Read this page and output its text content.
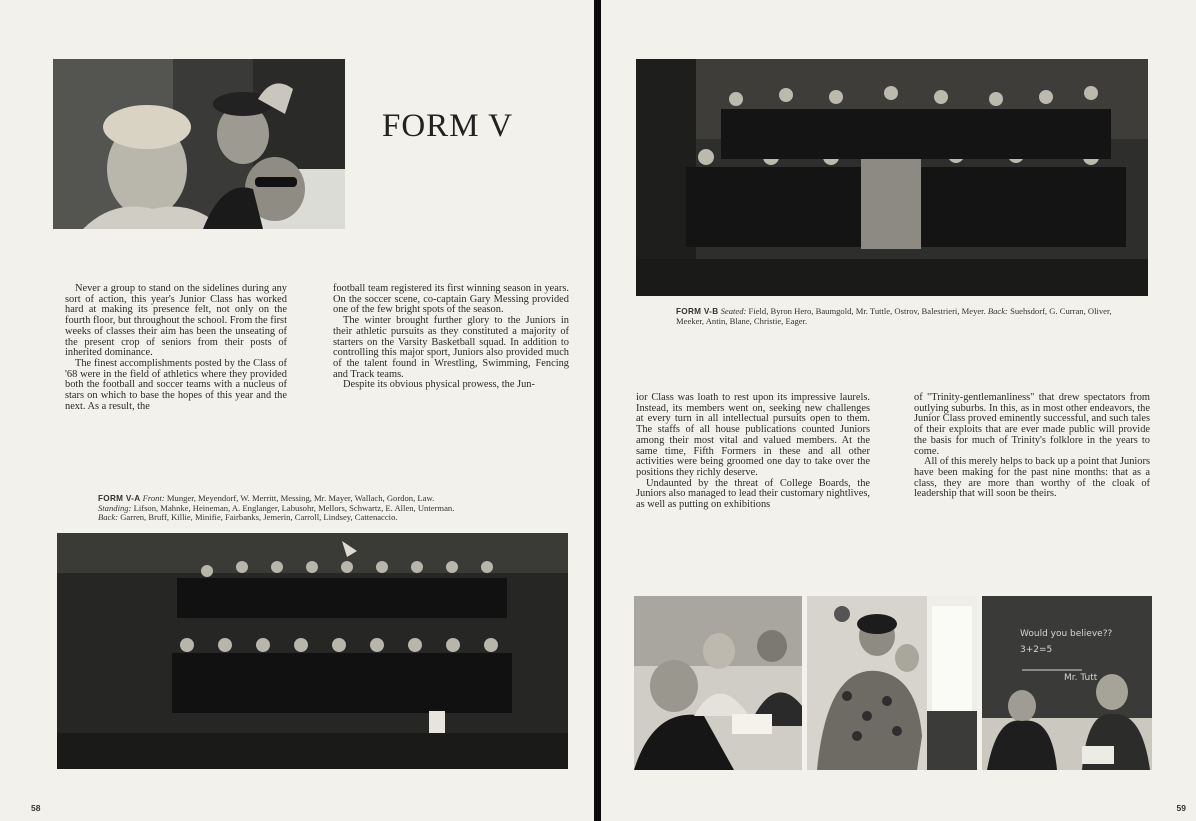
FORM V

Never a group to stand on the sidelines during any sort of action, this year's Junior Class has worked hard at making its presence felt, not only on the fourth floor, but throughout the school. From the first weeks of classes their aim has been the unseating of the present crop of seniors from their posts of inherited dominance.

The finest accomplishments posted by the Class of '68 were in the field of athletics where they provided both the football and soccer teams with a nucleus of stars on which to base the hopes of this year and the next. As a result, the

football team registered its first winning season in years. On the soccer scene, co-captain Gary Messing provided one of the few bright spots of the season.

The winter brought further glory to the Juniors in their athletic pursuits as they constituted a majority of starters on the Varsity Basketball squad. In addition to controlling this major sport, Juniors also provided much of the talent found in Wrestling, Swimming, Fencing and Track teams.

Despite its obvious physical prowess, the Jun-

FORM V-A Front: Munger, Meyendorf, W. Merritt, Messing, Mr. Mayer, Wallach, Gordon, Law.
Standing: Lifson, Mahnke, Heineman, A. Englanger, Labusohr, Mellors, Schwartz, E. Allen, Unterman.
Back: Garren, Bruff, Killie, Minifie, Fairbanks, Jemerin, Carroll, Lindsey, Cattenaccio.
58
FORM V-B Seated: Field, Byron Hero, Baumgold, Mr. Tuttle, Ostrov, Balestrieri, Meyer. Back: Suehsdorf, G. Curran, Oliver, Meeker, Antin, Blane, Christie, Eager.

ior Class was loath to rest upon its impressive laurels. Instead, its members went on, seeking new challenges at every turn in all intellectual pursuits open to them. The staffs of all house publications counted Juniors among their most vital and valued members. At the same time, Fifth Formers in these and all other activities were being groomed one day to take over the positions they richly deserve.

Undaunted by the threat of College Boards, the Juniors also managed to lead their customary nightlives, as well as putting on exhibitions

of "Trinity-gentlemanliness" that drew spectators from outlying suburbs. In this, as in most other endeavors, the Junior Class proved eminently successful, and such tales of their exploits that are ever made public will provide the basis for much of Trinity's folklore in the years to come.

All of this merely helps to back up a point that Juniors have been making for the past nine months: that as a class, they are more than worthy of the cloak of leadership that will soon be theirs.

Would you believe??
3+2=5
Mr. Tutt
59
